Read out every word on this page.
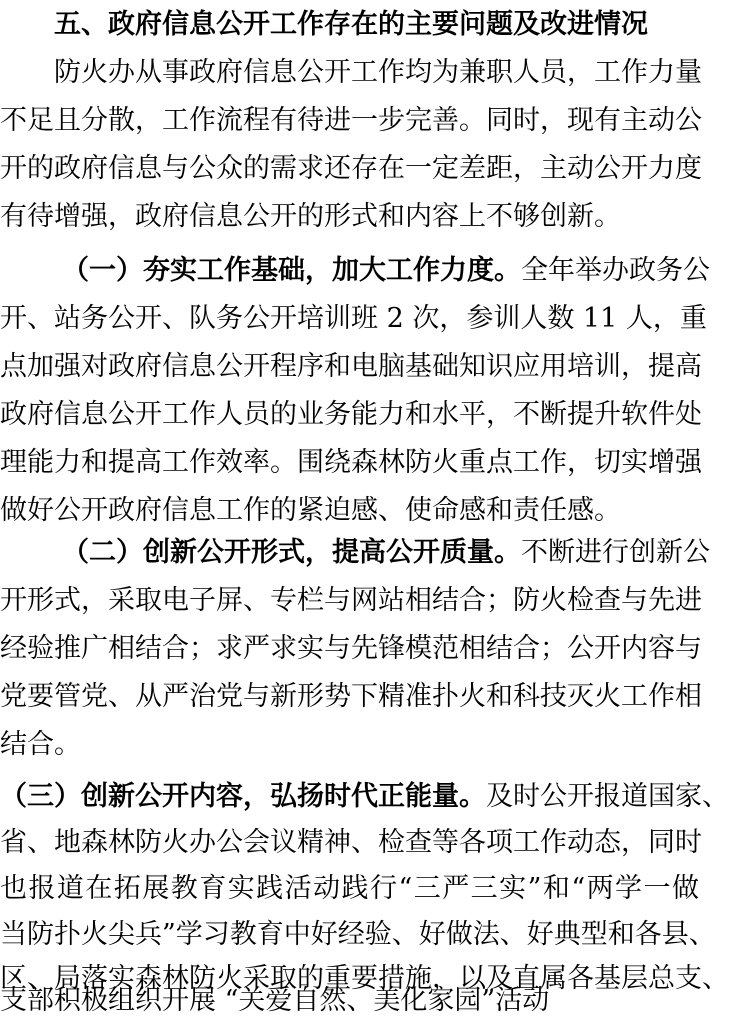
五、政府信息公开工作存在的主要问题及改进情况
防火办从事政府信息公开工作均为兼职人员，工作力量
不足且分散，工作流程有待进一步完善。同时，现有主动公
开的政府信息与公众的需求还存在一定差距，主动公开力度
有待增强，政府信息公开的形式和内容上不够创新。
（一）夯实工作基础，加大工作力度。全年举办政务公
开、站务公开、队务公开培训班 2 次，参训人数 11 人，重
点加强对政府信息公开程序和电脑基础知识应用培训，提高
政府信息公开工作人员的业务能力和水平，不断提升软件处
理能力和提高工作效率。围绕森林防火重点工作，切实增强
做好公开政府信息工作的紧迫感、使命感和责任感。
（二）创新公开形式，提高公开质量。不断进行创新公
开形式，采取电子屏、专栏与网站相结合；防火检查与先进
经验推广相结合；求严求实与先锋模范相结合；公开内容与
党要管党、从严治党与新形势下精准扑火和科技灭火工作相
结合。
（三）创新公开内容，弘扬时代正能量。及时公开报道国家、
省、地森林防火办公会议精神、检查等各项工作动态，同时
也报道在拓展教育实践活动践行“三严三实”和“两学一做
当防扑火尖兵”学习教育中好经验、好做法、好典型和各县、
区、局落实森林防火采取的重要措施，以及直属各基层总支、
支部积极组织开展 “关爱自然、美化家园”活动
